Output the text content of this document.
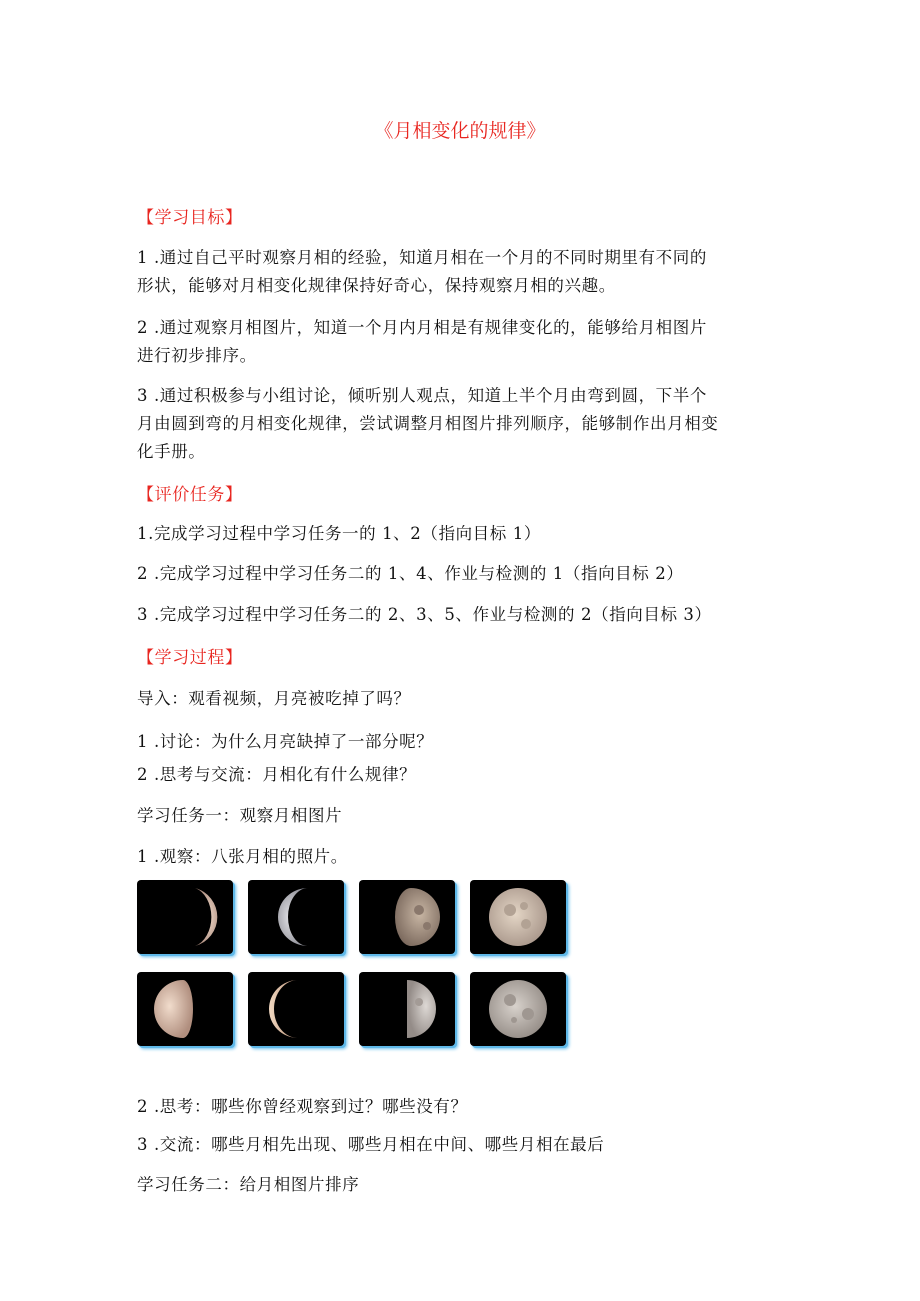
《月相变化的规律》
【学习目标】
1 .通过自己平时观察月相的经验，知道月相在一个月的不同时期里有不同的
形状，能够对月相变化规律保持好奇心，保持观察月相的兴趣。
2 .通过观察月相图片，知道一个月内月相是有规律变化的，能够给月相图片
进行初步排序。
3 .通过积极参与小组讨论，倾听别人观点，知道上半个月由弯到圆，下半个
月由圆到弯的月相变化规律，尝试调整月相图片排列顺序，能够制作出月相变
化手册。
【评价任务】
1.完成学习过程中学习任务一的 1、2（指向目标 1）
2 .完成学习过程中学习任务二的 1、4、作业与检测的 1（指向目标 2）
3 .完成学习过程中学习任务二的 2、3、5、作业与检测的 2（指向目标 3）
【学习过程】
导入：观看视频，月亮被吃掉了吗？
1 .讨论：为什么月亮缺掉了一部分呢？
2 .思考与交流：月相化有什么规律？
学习任务一：观察月相图片
1 .观察：八张月相的照片。
2 .思考：哪些你曾经观察到过？哪些没有？
3 .交流：哪些月相先出现、哪些月相在中间、哪些月相在最后
学习任务二：给月相图片排序
